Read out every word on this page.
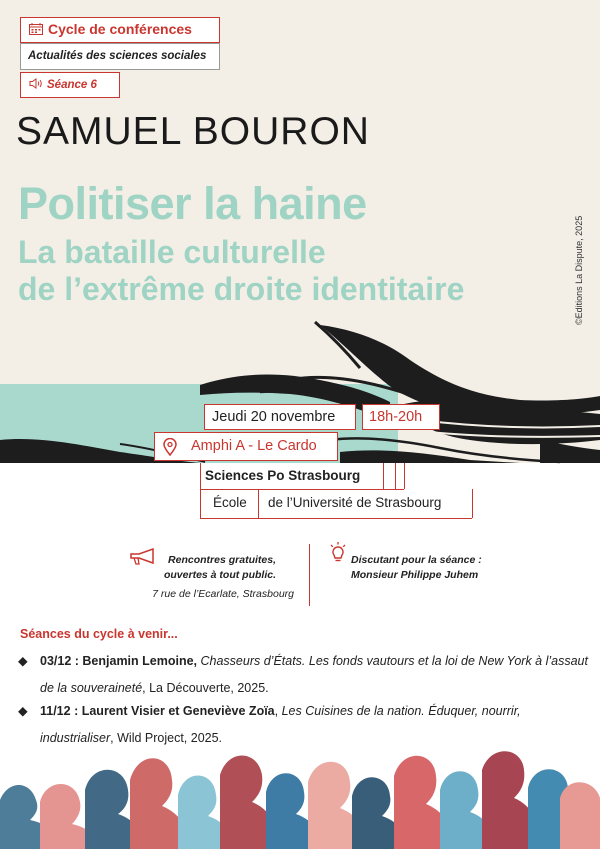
Cycle de conférences
Actualités des sciences sociales
Séance 6
SAMUEL BOURON
Politiser la haine
La bataille culturelle
de l’extrême droite identitaire	©Editions La Dispute, 2025
Jeudi 20 novembre	18h-20h
Amphi A - Le Cardo
Sciences Po Strasbourg
École de l’Université de Strasbourg
Rencontres gratuites,
ouvertes à tout public.
7 rue de l’Ecarlate, Strasbourg
Discutant pour la séance :
Monsieur Philippe Juhem
Séances du cycle à venir...
◆ 03/12 : Benjamin Lemoine, Chasseurs d’États. Les fonds vautours et la loi de New York à l’assaut de la souveraineté, La Découverte, 2025.
◆ 11/12 : Laurent Visier et Geneviève Zoïa, Les Cuisines de la nation. Éduquer, nourrir, industrialiser, Wild Project, 2025.
